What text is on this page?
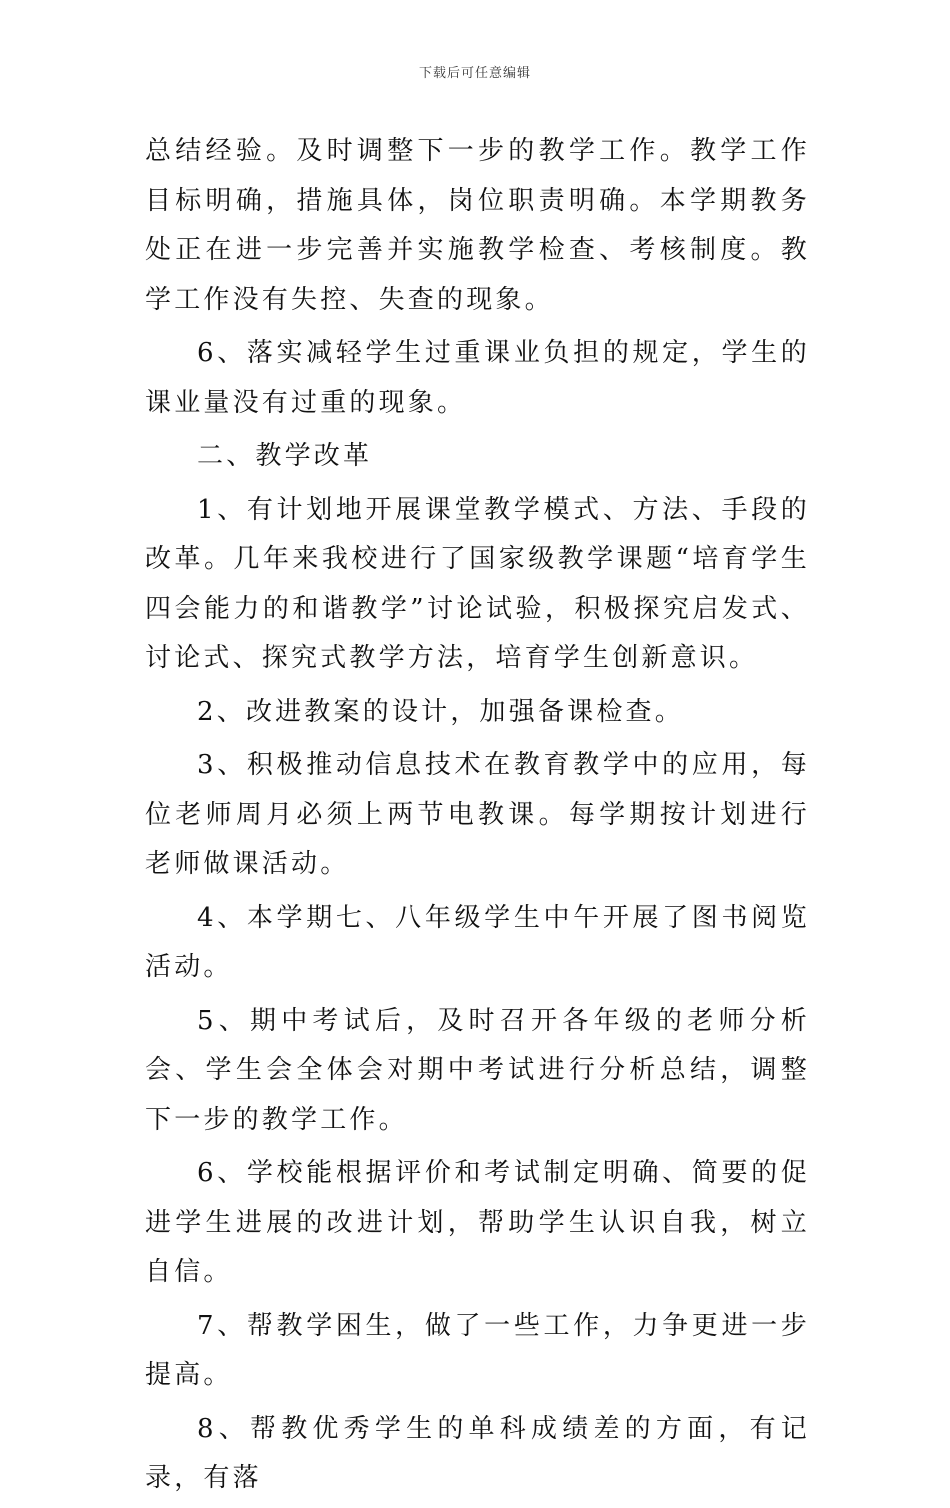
下载后可任意编辑

总结经验。及时调整下一步的教学工作。教学工作目标明确，措施具体，岗位职责明确。本学期教务处正在进一步完善并实施教学检查、考核制度。教学工作没有失控、失查的现象。

6、落实减轻学生过重课业负担的规定，学生的课业量没有过重的现象。

二、教学改革

1、有计划地开展课堂教学模式、方法、手段的改革。几年来我校进行了国家级教学课题“培育学生四会能力的和谐教学”讨论试验，积极探究启发式、讨论式、探究式教学方法，培育学生创新意识。

2、改进教案的设计，加强备课检查。

3、积极推动信息技术在教育教学中的应用，每位老师周月必须上两节电教课。每学期按计划进行老师做课活动。

4、本学期七、八年级学生中午开展了图书阅览活动。

5、期中考试后，及时召开各年级的老师分析会、学生会全体会对期中考试进行分析总结，调整下一步的教学工作。

6、学校能根据评价和考试制定明确、简要的促进学生进展的改进计划，帮助学生认识自我，树立自信。

7、帮教学困生，做了一些工作，力争更进一步提高。

8、帮教优秀学生的单科成绩差的方面，有记录，有落
